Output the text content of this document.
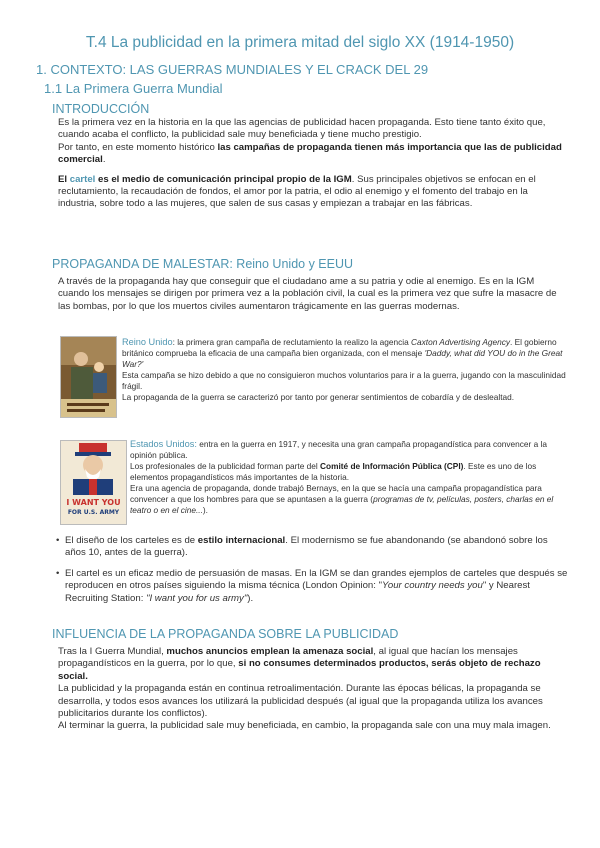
T.4 La publicidad en la primera mitad del siglo XX (1914-1950)
1. CONTEXTO: LAS GUERRAS MUNDIALES Y EL CRACK DEL 29
1.1 La Primera Guerra Mundial
INTRODUCCIÓN

Es la primera vez en la historia en la que las agencias de publicidad hacen propaganda. Esto tiene tanto éxito que, cuando acaba el conflicto, la publicidad sale muy beneficiada y tiene mucho prestigio.

Por tanto, en este momento histórico las campañas de propaganda tienen más importancia que las de publicidad comercial.

El cartel es el medio de comunicación principal propio de la IGM. Sus principales objetivos se enfocan en el reclutamiento, la recaudación de fondos, el amor por la patria, el odio al enemigo y el fomento del trabajo en la industria, sobre todo a las mujeres, que salen de sus casas y empiezan a trabajar en las fábricas.

PROPAGANDA DE MALESTAR: Reino Unido y EEUU
A través de la propaganda hay que conseguir que el ciudadano ame a su patria y odie al enemigo. Es en la IGM cuando los mensajes se dirigen por primera vez a la población civil, la cual es la primera vez que sufre la masacre de las bombas, por lo que los muertos civiles aumentaron trágicamente en las guerras modernas.

Reino Unido: la primera gran campaña de reclutamiento la realizo la agencia Caxton Advertising Agency. El gobierno británico comprueba la eficacia de una campaña bien organizada, con el mensaje 'Daddy, what did YOU do in the Great War?'

Esta campaña se hizo debido a que no consiguieron muchos voluntarios para ir a la guerra, jugando con la masculinidad frágil.

La propaganda de la guerra se caracterizó por tanto por generar sentimientos de cobardía y de deslealtad.

I WANT YOU
FOR U.S. ARMY

Estados Unidos: entra en la guerra en 1917, y necesita una gran campaña propagandística para convencer a la opinión pública.

Los profesionales de la publicidad forman parte del Comité de Información Pública (CPI). Este es uno de los elementos propagandísticos más importantes de la historia.

Era una agencia de propaganda, donde trabajó Bernays, en la que se hacía una campaña propagandística para convencer a que los hombres para que se apuntasen a la guerra (programas de tv, películas, posters, charlas en el teatro o en el cine...).

• El diseño de los carteles es de estilo internacional. El modernismo se fue abandonando (se abandonó sobre los años 10, antes de la guerra).
• El cartel es un eficaz medio de persuasión de masas. En la IGM se dan grandes ejemplos de carteles que después se reproducen en otros países siguiendo la misma técnica (London Opinion: "Your country needs you" y Nearest Recruiting Station: "I want you for us army").
INFLUENCIA DE LA PROPAGANDA SOBRE LA PUBLICIDAD

Tras la I Guerra Mundial, muchos anuncios emplean la amenaza social, al igual que hacían los mensajes propagandísticos en la guerra, por lo que, si no consumes determinados productos, serás objeto de rechazo social.

La publicidad y la propaganda están en continua retroalimentación. Durante las épocas bélicas, la propaganda se desarrolla, y todos esos avances los utilizará la publicidad después (al igual que la propaganda utiliza los avances publicitarios durante los conflictos).

Al terminar la guerra, la publicidad sale muy beneficiada, en cambio, la propaganda sale con una muy mala imagen.
